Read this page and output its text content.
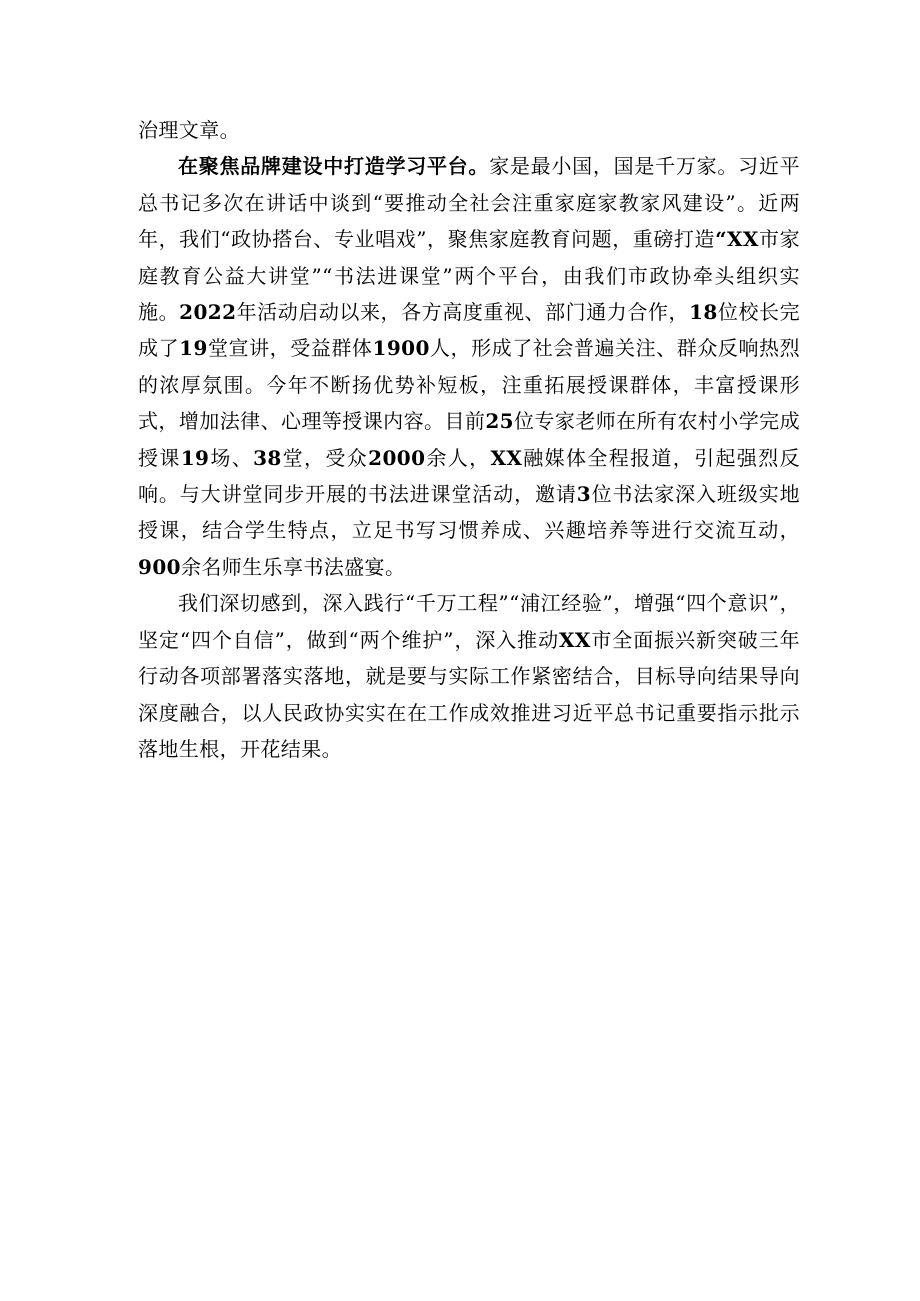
治理文章。

在聚焦品牌建设中打造学习平台。家是最小国，国是千万家。习近平总书记多次在讲话中谈到“要推动全社会注重家庭家教家风建设”。近两年，我们“政协搭台、专业唱戏”，聚焦家庭教育问题，重磅打造“XX市家庭教育公益大讲堂”“书法进课堂”两个平台，由我们市政协牵头组织实施。2022年活动启动以来，各方高度重视、部门通力合作，18位校长完成了19堂宣讲，受益群体1900人，形成了社会普遍关注、群众反响热烈的浓厚氛围。今年不断扬优势补短板，注重拓展授课群体，丰富授课形式，增加法律、心理等授课内容。目前25位专家老师在所有农村小学完成授课19场、38堂，受众2000余人，XX融媒体全程报道，引起强烈反响。与大讲堂同步开展的书法进课堂活动，邀请3位书法家深入班级实地授课，结合学生特点，立足书写习惯养成、兴趣培养等进行交流互动，900余名师生乐享书法盛宴。

我们深切感到，深入践行“千万工程”“浦江经验”，增强“四个意识”，坚定“四个自信”，做到“两个维护”，深入推动XX市全面振兴新突破三年行动各项部署落实落地，就是要与实际工作紧密结合，目标导向结果导向深度融合，以人民政协实实在在工作成效推进习近平总书记重要指示批示落地生根，开花结果。
